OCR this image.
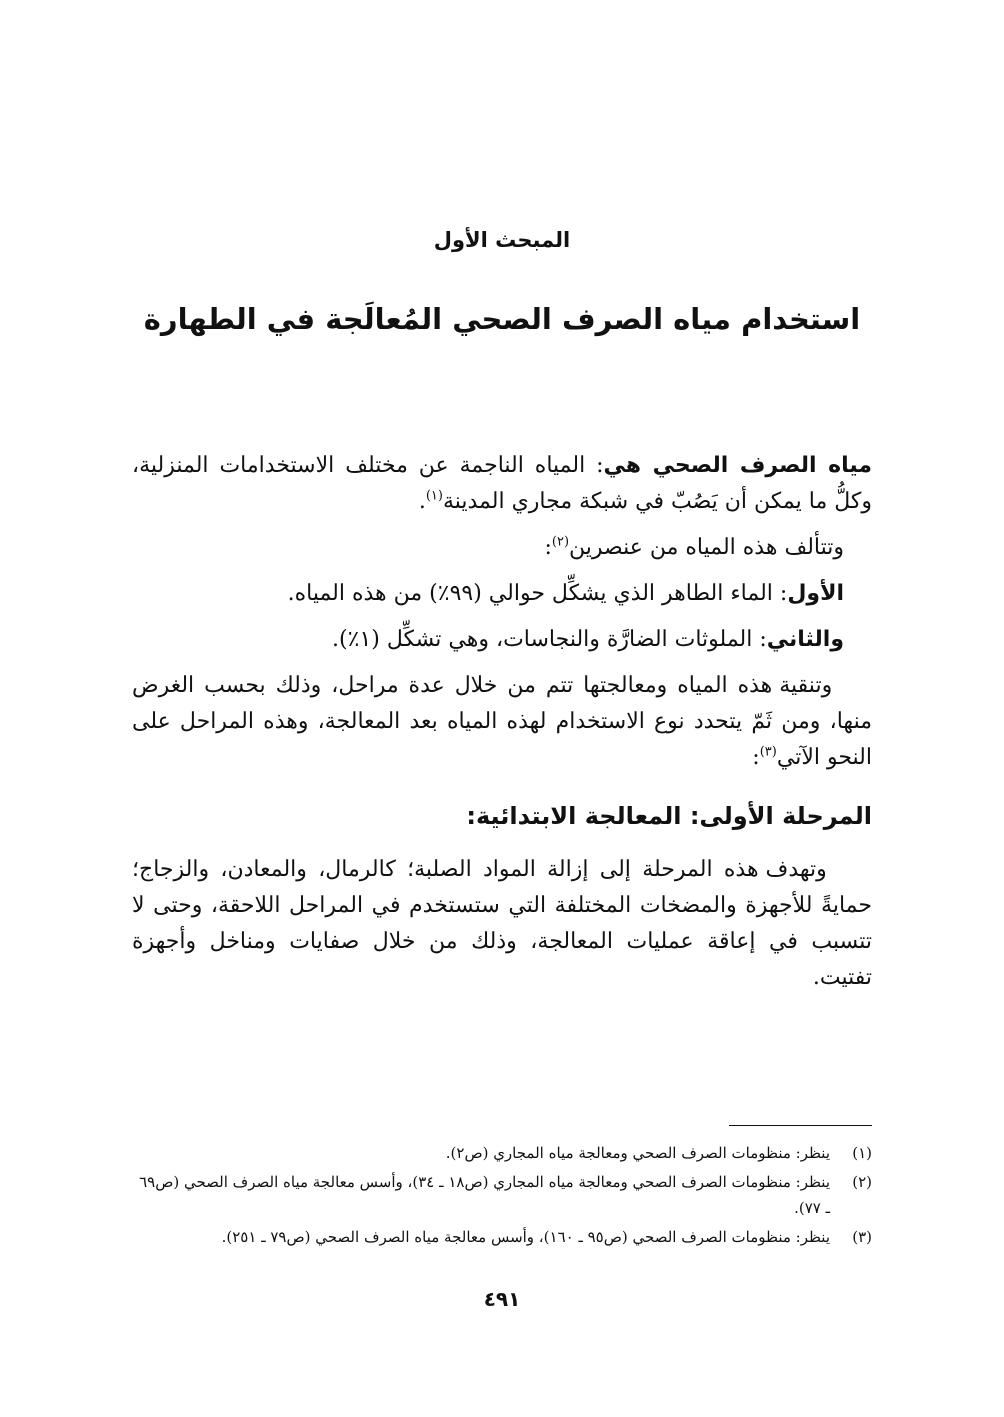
المبحث الأول
استخدام مياه الصرف الصحي المُعالَجة في الطهارة

مياه الصرف الصحي هي: المياه الناجمة عن مختلف الاستخدامات المنزلية، وكلُّ ما يمكن أن يَصُبّ في شبكة مجاري المدينة$^{(١)}$.

وتتألف هذه المياه من عنصرين$^{(٢)}$:

الأول: الماء الطاهر الذي يشكِّل حوالي (٩٩٪) من هذه المياه.

والثاني: الملوثات الضارَّة والنجاسات، وهي تشكِّل (١٪).

وتنقية هذه المياه ومعالجتها تتم من خلال عدة مراحل، وذلك بحسب الغرض منها، ومن ثَمّ يتحدد نوع الاستخدام لهذه المياه بعد المعالجة، وهذه المراحل على النحو الآتي$^{(٣)}$:

المرحلة الأولى: المعالجة الابتدائية:

وتهدف هذه المرحلة إلى إزالة المواد الصلبة؛ كالرمال، والمعادن، والزجاج؛ حمايةً للأجهزة والمضخات المختلفة التي ستستخدم في المراحل اللاحقة، وحتى لا تتسبب في إعاقة عمليات المعالجة، وذلك من خلال صفايات ومناخل وأجهزة تفتيت.

(١)
ينظر: منظومات الصرف الصحي ومعالجة مياه المجاري (ص٢).
(٢)
ينظر: منظومات الصرف الصحي ومعالجة مياه المجاري (ص١٨ ـ ٣٤)، وأسس معالجة مياه الصرف الصحي (ص٦٩ ـ ٧٧).
(٣)
ينظر: منظومات الصرف الصحي (ص٩٥ ـ ١٦٠)، وأسس معالجة مياه الصرف الصحي (ص٧٩ ـ ٢٥١).
٤٩١
